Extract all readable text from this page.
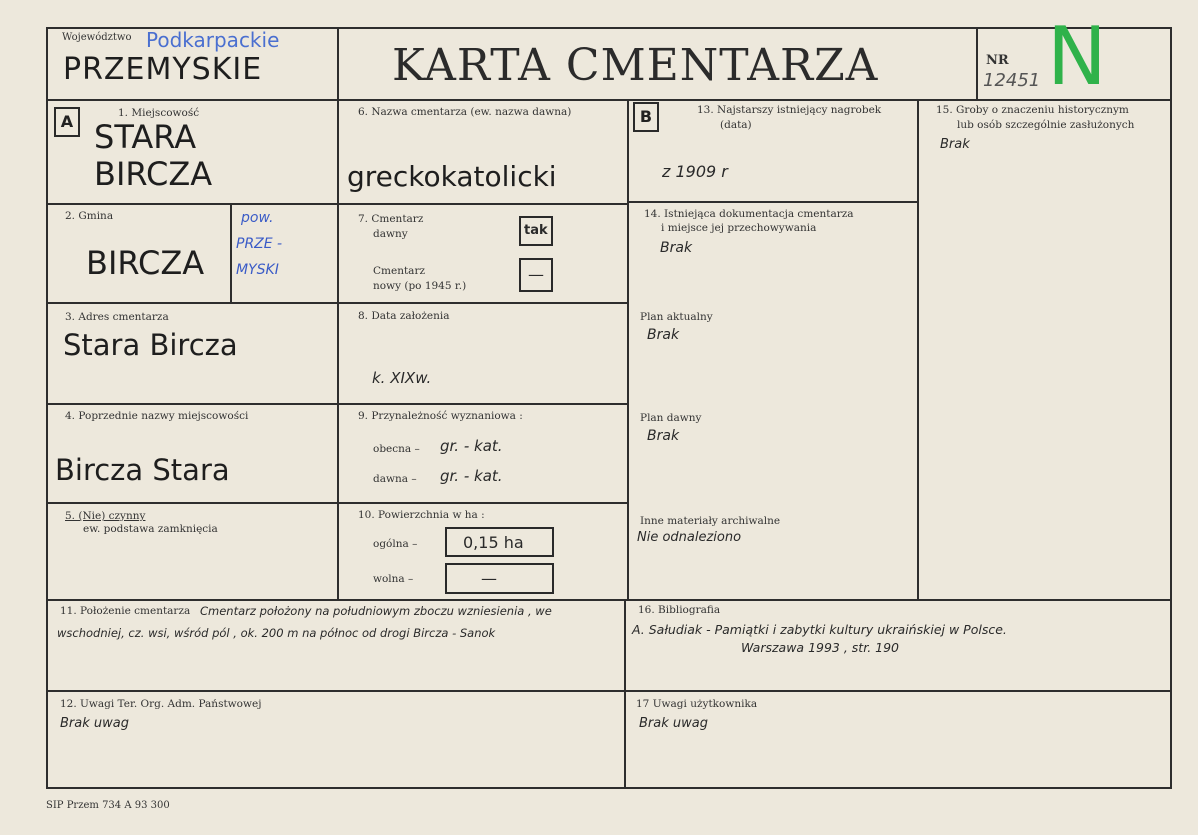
Województwo Podkarpackie
PRZEMYSKIE	KARTA CMENTARZA	NR
12451 N
A	1. Miejscowość
STARA
BIRCZA
2. Gmina
BIRCZA
pow.
PRZE -
MYSKI
3. Adres cmentarza
Stara Bircza
4. Poprzednie nazwy miejscowości
Bircza Stara
5. (Nie) czynny
ew. podstawa zamknięcia
6. Nazwa cmentarza (ew. nazwa dawna)
greckokatolicki
7. Cmentarz
dawny	tak
Cmentarz
nowy (po 1945 r.)
—
8. Data założenia
k. XIXw.
9. Przynależność wyznaniowa :
obecna – gr. - kat.
dawna – gr. - kat.
10. Powierzchnia w ha :
ogólna –	0,15 ha
wolna –	—
B	13. Najstarszy istniejący nagrobek
(data)
z 1909 r
14. Istniejąca dokumentacja cmentarza
i miejsce jej przechowywania
Brak
Plan aktualny
Brak
Plan dawny
Brak
Inne materiały archiwalne
Nie odnaleziono
15. Groby o znaczeniu historycznym
lub osób szczególnie zasłużonych
Brak
11. Położenie cmentarza Cmentarz położony na południowym zboczu wzniesienia , we
wschodniej, cz. wsi, wśród pól , ok. 200 m na północ od drogi Bircza - Sanok
16. Bibliografia
A. Sałudiak - Pamiątki i zabytki kultury ukraińskiej w Polsce.
Warszawa 1993 , str. 190
12. Uwagi Ter. Org. Adm. Państwowej
Brak uwag
17 Uwagi użytkownika
Brak uwag
SIP Przem 734 A 93 300
